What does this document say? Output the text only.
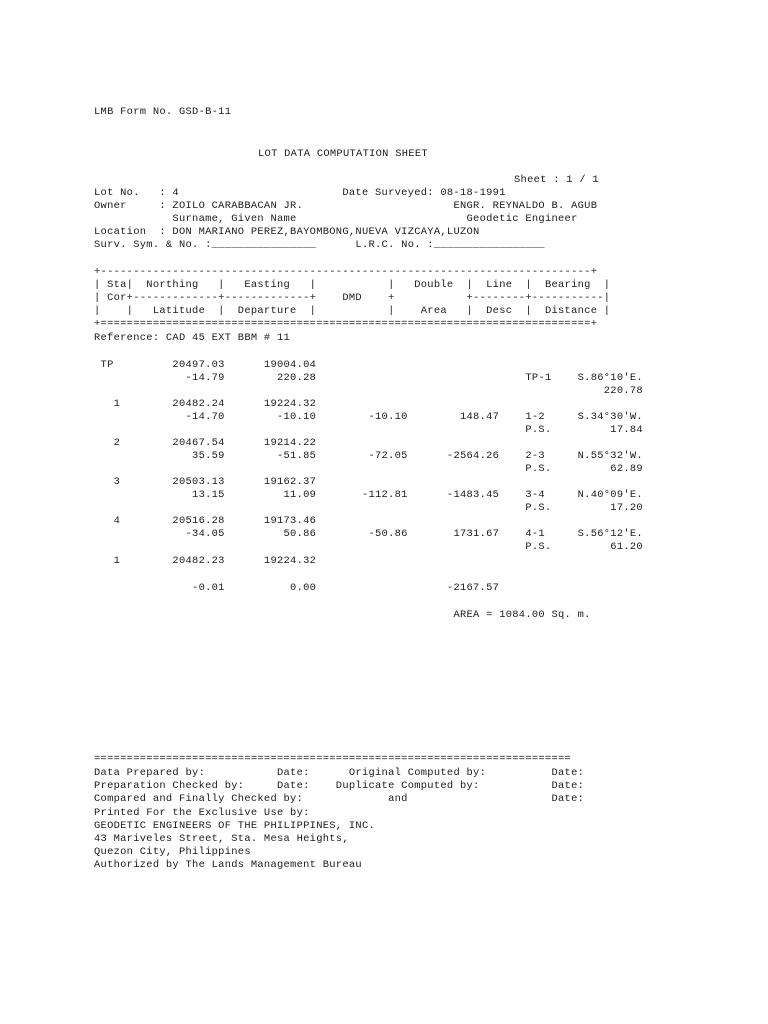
LMB Form No. GSD-B-11

LOT DATA COMPUTATION SHEET

Sheet : 1 / 1

Lot No.   : 4                         Date Surveyed: 08-18-1991

Owner     : ZOILO CARABBACAN JR.                       ENGR. REYNALDO B. AGUB

Surname, Given Name                          Geodetic Engineer

Location  : DON MARIANO PEREZ,BAYOMBONG,NUEVA VIZCAYA,LUZON

Surv. Sym. & No. :________________      L.R.C. No. :_________________

+---------------------------------------------------------------------------+

| Sta|  Northing   |   Easting   |           |   Double  |  Line  |  Bearing  |

| Cor+-------------+-------------+    DMD    +           +--------+-----------|

|    |   Latitude  |  Departure  |           |    Area   |  Desc  |  Distance |

+===========================================================================+

Reference: CAD 45 EXT BBM # 11

TP         20497.03      19004.04

-14.79        220.28                                TP-1    S.86°10'E.

220.78

1        20482.24      19224.32

-14.70        -10.10        -10.10        148.47    1-2     S.34°30'W.

P.S.         17.84

2        20467.54      19214.22

35.59        -51.85        -72.05      -2564.26    2-3     N.55°32'W.

P.S.         62.89

3        20503.13      19162.37

13.15         11.09       -112.81      -1483.45    3-4     N.40°09'E.

P.S.         17.20

4        20516.28      19173.46

-34.05         50.86        -50.86       1731.67    4-1     S.56°12'E.

P.S.         61.20

1        20482.23      19224.32

-0.01          0.00                    -2167.57

AREA = 1084.00 Sq. m.

=========================================================================

Data Prepared by:           Date:      Original Computed by:          Date:

Preparation Checked by:     Date:    Duplicate Computed by:           Date:

Compared and Finally Checked by:             and                      Date:

Printed For the Exclusive Use by:

GEODETIC ENGINEERS OF THE PHILIPPINES, INC.

43 Mariveles Street, Sta. Mesa Heights,

Quezon City, Philippines

Authorized by The Lands Management Bureau
